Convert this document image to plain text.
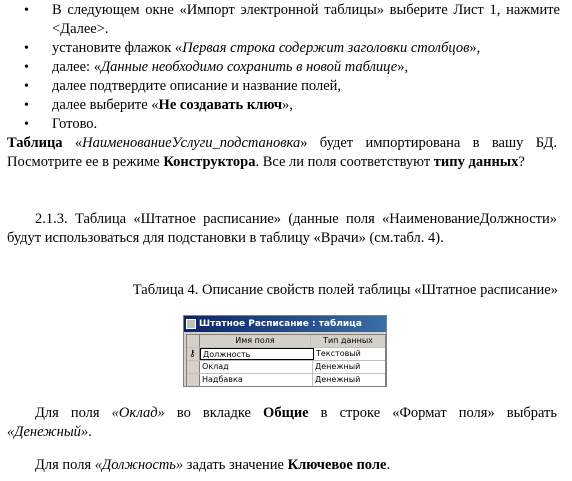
• В следующем окне «Импорт электронной таблицы» выберите Лист 1, нажмите <Далее>.
• установите флажок «Первая строка содержит заголовки столбцов»,
• далее: «Данные необходимо сохранить в новой таблице»,
• далее подтвердите описание и название полей,
• далее выберите «Не создавать ключ»,
• Готово.
Таблица «НаименованиеУслуги_подстановка» будет импортирована в вашу БД. Посмотрите ее в режиме Конструктора. Все ли поля соответствуют типу данных?
2.1.3. Таблица «Штатное расписание» (данные поля «НаименованиеДолжности» будут использоваться для подстановки в таблицу «Врачи» (см.табл. 4).
Таблица 4. Описание свойств полей таблицы «Штатное расписание»
Штатное Расписание : таблица
Имя поля	Тип данных
⚷ Должность	Текстовый
Оклад	Денежный
Надбавка	Денежный
Для поля «Оклад» во вкладке Общие в строке «Формат поля» выбрать «Денежный».
Для поля «Должность» задать значение Ключевое поле.
